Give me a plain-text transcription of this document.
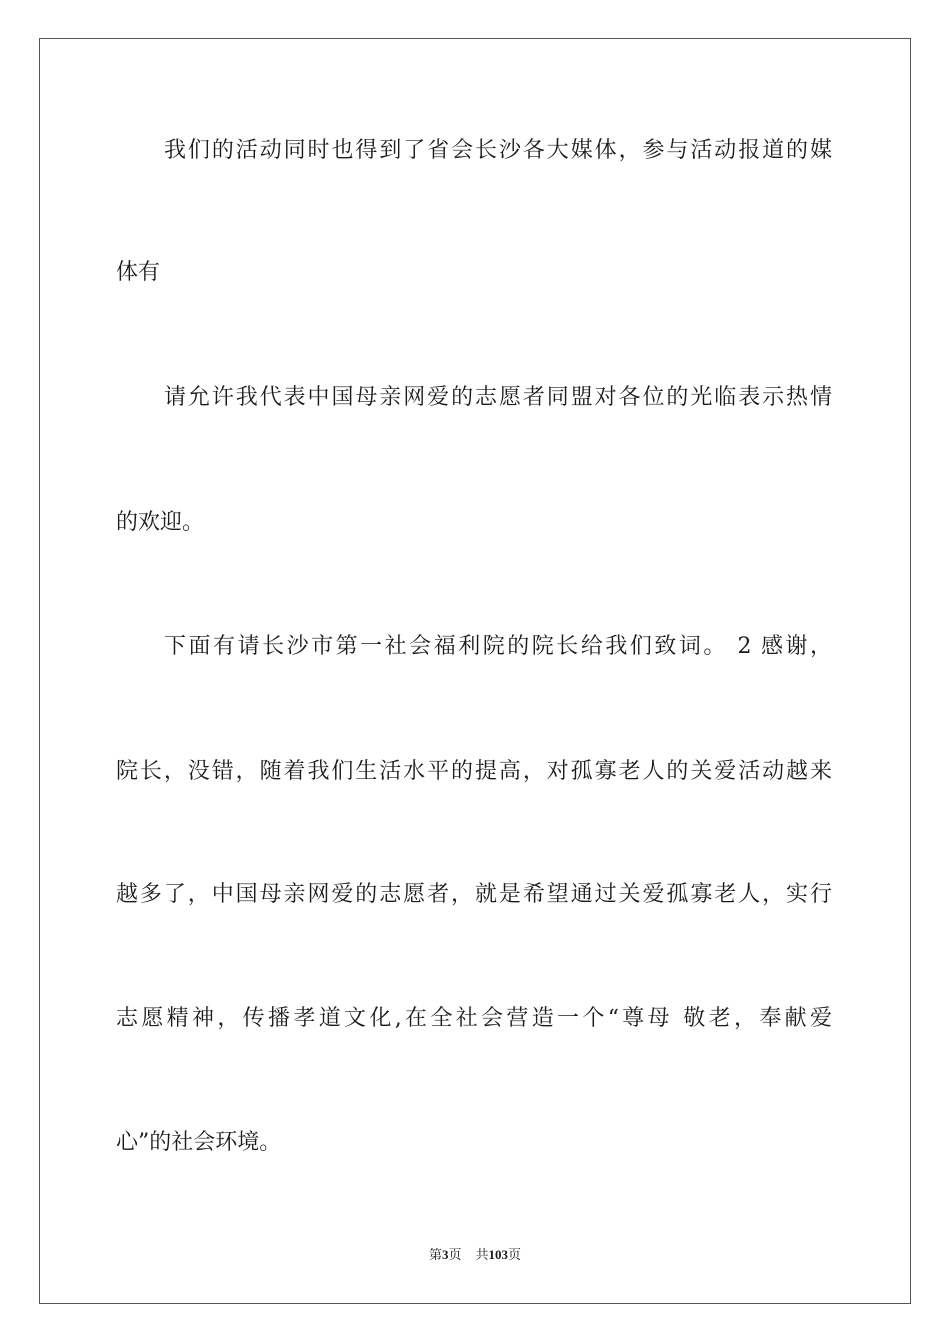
我们的活动同时也得到了省会长沙各大媒体，参与活动报道的媒
体有
请允许我代表中国母亲网爱的志愿者同盟对各位的光临表示热情
的欢迎。
下面有请长沙市第一社会福利院的院长给我们致词。 2 感谢，
院长，没错，随着我们生活水平的提高，对孤寡老人的关爱活动越来
越多了，中国母亲网爱的志愿者，就是希望通过关爱孤寡老人，实行
志愿精神，传播孝道文化,在全社会营造一个“尊母 敬老，奉献爱
心”的社会环境。
第3页 共103页
